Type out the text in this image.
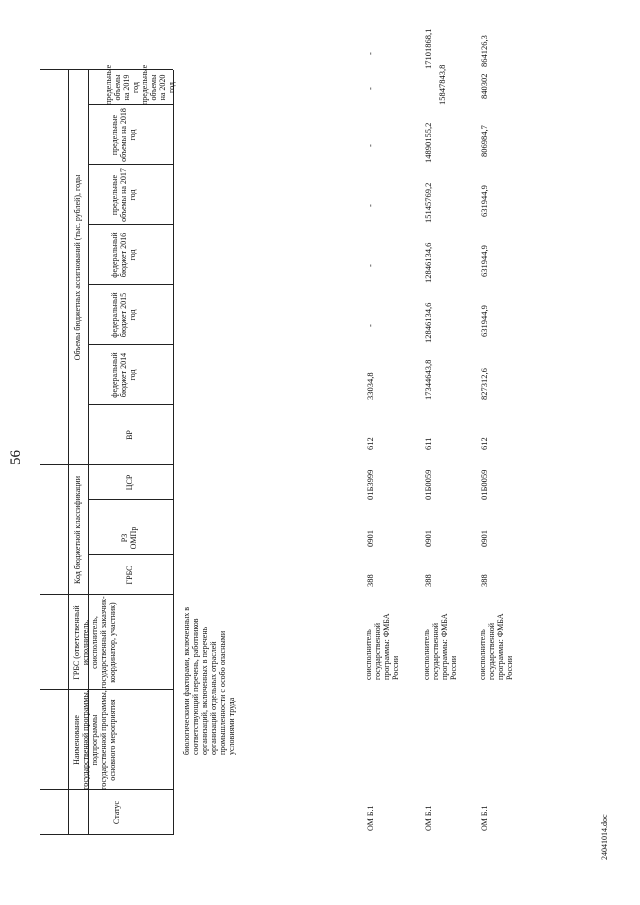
56
Статус
Наименование государственной программы, подпрограммы государственной программы, основного мероприятия
ГРБС (ответственный исполнитель, соисполнитель, государственный заказчик-координатор, участник)
Код бюджетной классификации
Объемы бюджетных ассигнований (тыс. рублей), годы
ГРБС
РЗ ОМПр
ЦСР
ВР
федеральный бюджет 2014 год
федеральный бюджет 2015 год
федеральный бюджет 2016 год
предельные объемы на 2017 год
предельные объемы на 2018 год
предельные объемы на 2019 год предельные объемы на 2020 год
биологическими факторами, включенных в соответствующий перечень, работников организаций, включенных в перечень организаций отдельных отраслей промышленности с особо опасными условиями труда
ОМ Б.1
соисполнитель государственной программы: ФМБА России
388
0901
01Б3999
612
33034,8
-
-
-
-
-
-
ОМ Б.1
соисполнитель государственной программы: ФМБА России
388
0901
01Б0059
611
17344643,8
12846134,6
12846134,6
15145769,2
14890155,2
15847843,8
17101868,1
ОМ Б.1
соисполнитель государственной программы: ФМБА России
388
0901
01Б0059
612
827312,6
631944,9
631944,9
631944,9
806984,7
840302
864126,3
24041014.doc
